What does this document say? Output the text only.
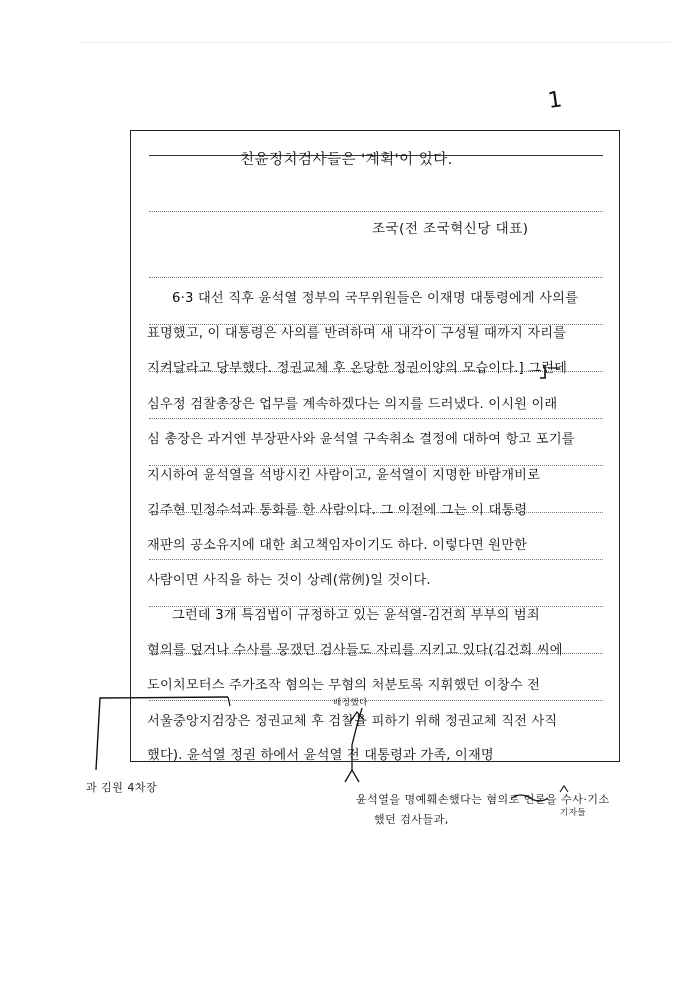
1
친윤정치검사들은 '계획'이 있다.
조국(전 조국혁신당 대표)
6·3 대선 직후 윤석열 정부의 국무위원들은 이재명 대통령에게 사의를
표명했고, 이 대통령은 사의를 반려하며 새 내각이 구성될 때까지 자리를
지켜달라고 당부했다. 정권교체 후 온당한 정권이양의 모습이다.] 그런데
심우정 검찰총장은 업무를 계속하겠다는 의지를 드러냈다. 이시원 이래
심 총장은 과거엔 부장판사와 윤석열 구속취소 결정에 대하여 항고 포기를
지시하여 윤석열을 석방시킨 사람이고, 윤석열이 지명한 바람개비로
김주현 민정수석과 통화를 한 사람이다. 그 이전에 그는 이 대통령
재판의 공소유지에 대한 최고책임자이기도 하다. 이렇다면 원만한
사람이면 사직을 하는 것이 상례(常例)일 것이다.
그런데 3개 특검법이 규정하고 있는 윤석열-김건희 부부의 범죄
혐의를 덮거나 수사를 뭉갰던 검사들도 자리를 지키고 있다(김건희 씨에
도이치모터스 주가조작 혐의는 무혐의 처분토록 지휘했던 이창수 전
서울중앙지검장은 정권교체 후 검찰을 피하기 위해 정권교체 직전 사직
했다). 윤석열 정권 하에서 윤석열 전 대통령과 가족, 이재명
배정했다
과 김원 4차장
윤석열을 명예훼손했다는 혐의로 언론을 수사·기소
기자들
했던 검사들과,
